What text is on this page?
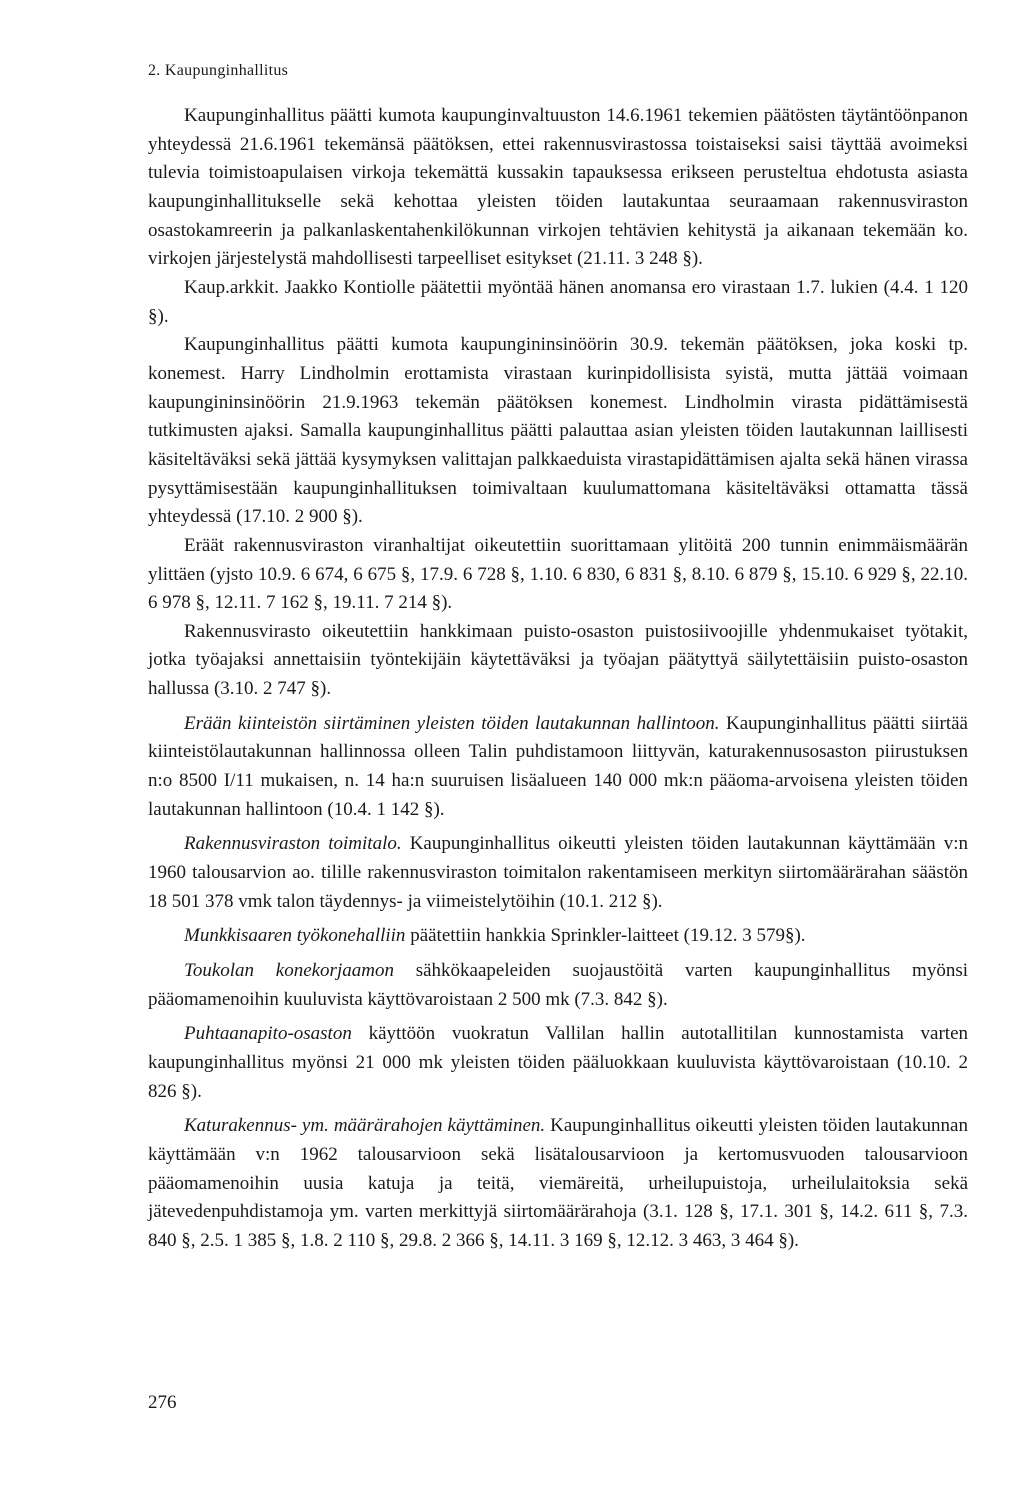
2. Kaupunginhallitus

Kaupunginhallitus päätti kumota kaupunginvaltuuston 14.6.1961 tekemien päätösten täytäntöönpanon yhteydessä 21.6.1961 tekemänsä päätöksen, ettei rakennusvirastossa toistaiseksi saisi täyttää avoimeksi tulevia toimistoapulaisen virkoja tekemättä kussakin tapauksessa erikseen perusteltua ehdotusta asiasta kaupunginhallitukselle sekä kehottaa yleisten töiden lautakuntaa seuraamaan rakennusviraston osastokamreerin ja palkanlaskentahenkilökunnan virkojen tehtävien kehitystä ja aikanaan tekemään ko. virkojen järjestelystä mahdollisesti tarpeelliset esitykset (21.11. 3 248 §).

Kaup.arkkit. Jaakko Kontiolle päätettii myöntää hänen anomansa ero virastaan 1.7. lukien (4.4. 1 120 §).

Kaupunginhallitus päätti kumota kaupungininsinöörin 30.9. tekemän päätöksen, joka koski tp. konemest. Harry Lindholmin erottamista virastaan kurinpidollisista syistä, mutta jättää voimaan kaupungininsinöörin 21.9.1963 tekemän päätöksen konemest. Lindholmin virasta pidättämisestä tutkimusten ajaksi. Samalla kaupunginhallitus päätti palauttaa asian yleisten töiden lautakunnan laillisesti käsiteltäväksi sekä jättää kysymyksen valittajan palkkaeduista virastapidättämisen ajalta sekä hänen virassa pysyttämisestään kaupunginhallituksen toimivaltaan kuulumattomana käsiteltäväksi ottamatta tässä yhteydessä (17.10. 2 900 §).

Eräät rakennusviraston viranhaltijat oikeutettiin suorittamaan ylitöitä 200 tunnin enimmäismäärän ylittäen (yjsto 10.9. 6 674, 6 675 §, 17.9. 6 728 §, 1.10. 6 830, 6 831 §, 8.10. 6 879 §, 15.10. 6 929 §, 22.10. 6 978 §, 12.11. 7 162 §, 19.11. 7 214 §).

Rakennusvirasto oikeutettiin hankkimaan puisto-osaston puistosiivoojille yhdenmukaiset työtakit, jotka työajaksi annettaisiin työntekijäin käytettäväksi ja työajan päätyttyä säilytettäisiin puisto-osaston hallussa (3.10. 2 747 §).

Erään kiinteistön siirtäminen yleisten töiden lautakunnan hallintoon. Kaupunginhallitus päätti siirtää kiinteistölautakunnan hallinnossa olleen Talin puhdistamoon liittyvän, katurakennusosaston piirustuksen n:o 8500 I/11 mukaisen, n. 14 ha:n suuruisen lisäalueen 140 000 mk:n pääoma-arvoisena yleisten töiden lautakunnan hallintoon (10.4. 1 142 §).

Rakennusviraston toimitalo. Kaupunginhallitus oikeutti yleisten töiden lautakunnan käyttämään v:n 1960 talousarvion ao. tilille rakennusviraston toimitalon rakentamiseen merkityn siirtomäärärahan säästön 18 501 378 vmk talon täydennys- ja viimeistelytöihin (10.1. 212 §).

Munkkisaaren työkonehalliin päätettiin hankkia Sprinkler-laitteet (19.12. 3 579§).

Toukolan konekorjaamon sähkökaapeleiden suojaustöitä varten kaupunginhallitus myönsi pääomamenoihin kuuluvista käyttövaroistaan 2 500 mk (7.3. 842 §).

Puhtaanapito-osaston käyttöön vuokratun Vallilan hallin autotallitilan kunnostamista varten kaupunginhallitus myönsi 21 000 mk yleisten töiden pääluokkaan kuuluvista käyttövaroistaan (10.10. 2 826 §).

Katurakennus- ym. määrärahojen käyttäminen. Kaupunginhallitus oikeutti yleisten töiden lautakunnan käyttämään v:n 1962 talousarvioon sekä lisätalousarvioon ja kertomusvuoden talousarvioon pääomamenoihin uusia katuja ja teitä, viemäreitä, urheilupuistoja, urheilulaitoksia sekä jätevedenpuhdistamoja ym. varten merkittyjä siirtomäärärahoja (3.1. 128 §, 17.1. 301 §, 14.2. 611 §, 7.3. 840 §, 2.5. 1 385 §, 1.8. 2 110 §, 29.8. 2 366 §, 14.11. 3 169 §, 12.12. 3 463, 3 464 §).

276
